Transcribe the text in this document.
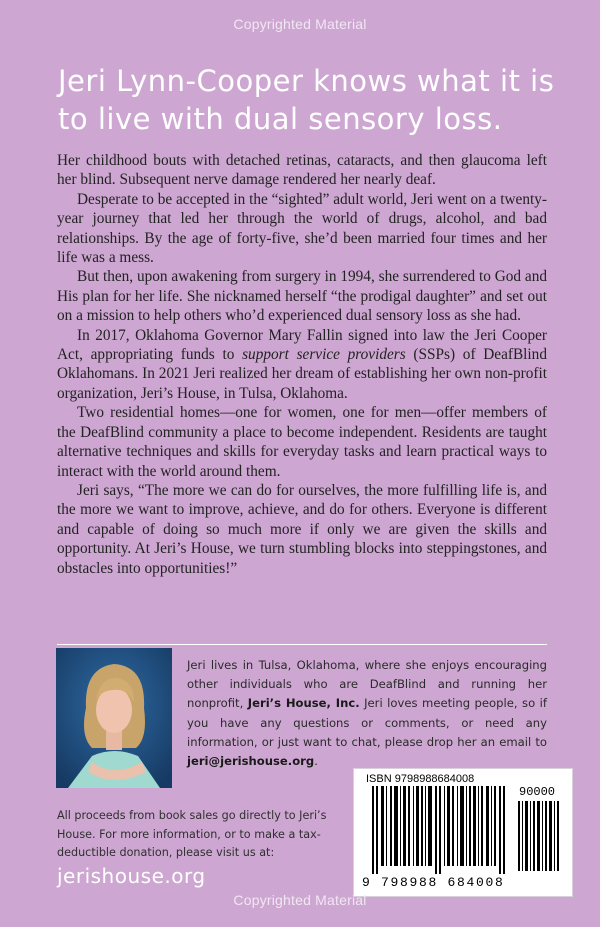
Copyrighted Material
Jeri Lynn-Cooper knows what it is to live with dual sensory loss.

Her childhood bouts with detached retinas, cataracts, and then glaucoma left her blind. Subsequent nerve damage rendered her nearly deaf.

Desperate to be accepted in the “sighted” adult world, Jeri went on a twenty-year journey that led her through the world of drugs, alcohol, and bad relationships. By the age of forty-five, she’d been married four times and her life was a mess.

But then, upon awakening from surgery in 1994, she surrendered to God and His plan for her life. She nicknamed herself “the prodigal daughter” and set out on a mission to help others who’d experienced dual sensory loss as she had.

In 2017, Oklahoma Governor Mary Fallin signed into law the Jeri Cooper Act, appropriating funds to support service providers (SSPs) of DeafBlind Oklahomans. In 2021 Jeri realized her dream of establishing her own non-profit organization, Jeri’s House, in Tulsa, Oklahoma.

Two residential homes—one for women, one for men—offer members of the DeafBlind community a place to become independent. Residents are taught alternative techniques and skills for everyday tasks and learn practical ways to interact with the world around them.

Jeri says, “The more we can do for ourselves, the more fulfilling life is, and the more we want to improve, achieve, and do for others. Everyone is different and capable of doing so much more if only we are given the skills and opportunity. At Jeri’s House, we turn stumbling blocks into steppingstones, and obstacles into opportunities!”

Jeri lives in Tulsa, Oklahoma, where she enjoys encouraging other individuals who are DeafBlind and running her nonprofit, Jeri’s House, Inc. Jeri loves meeting people, so if you have any questions or comments, or need any information, or just want to chat, please drop her an email to jeri@jerishouse.org.
All proceeds from book sales go directly to Jeri’s House. For more information, or to make a tax-deductible donation, please visit us at:
jerishouse.org
ISBN 9798988684008
90000
9 798988 684008
Copyrighted Material
